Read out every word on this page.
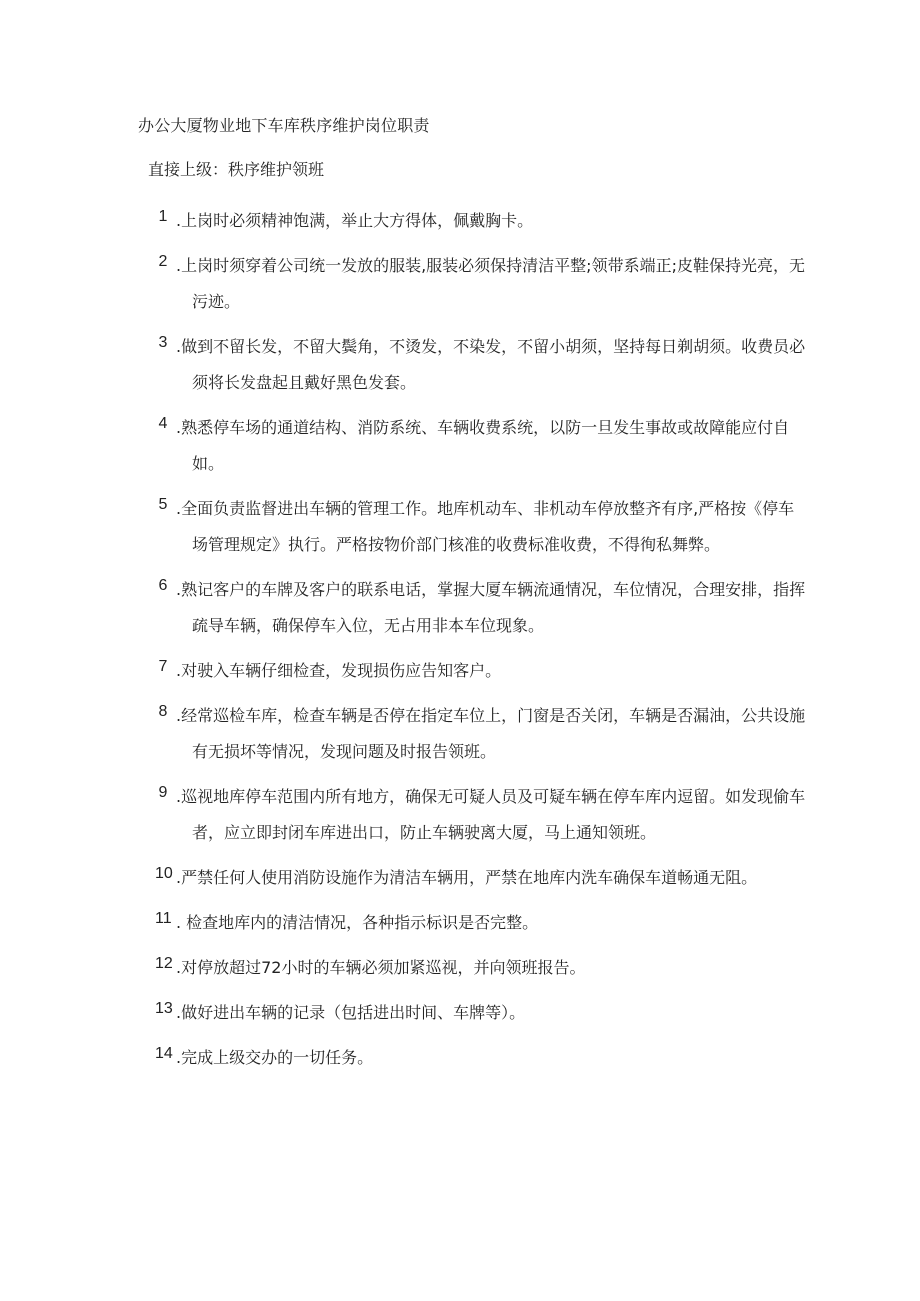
办公大厦物业地下车库秩序维护岗位职责
直接上级：秩序维护领班
1 .上岗时必须精神饱满，举止大方得体，佩戴胸卡。
2 .上岗时须穿着公司统一发放的服装,服装必须保持清洁平整;领带系端正;皮鞋保持光亮，无污迹。
3 .做到不留长发，不留大鬓角，不烫发，不染发，不留小胡须，坚持每日剃胡须。收费员必须将长发盘起且戴好黑色发套。
4 .熟悉停车场的通道结构、消防系统、车辆收费系统，以防一旦发生事故或故障能应付自如。
5 .全面负责监督进出车辆的管理工作。地库机动车、非机动车停放整齐有序,严格按《停车场管理规定》执行。严格按物价部门核准的收费标准收费，不得徇私舞弊。
6 .熟记客户的车牌及客户的联系电话，掌握大厦车辆流通情况，车位情况，合理安排，指挥疏导车辆，确保停车入位，无占用非本车位现象。
7 .对驶入车辆仔细检查，发现损伤应告知客户。
8 .经常巡检车库，检查车辆是否停在指定车位上，门窗是否关闭，车辆是否漏油，公共设施有无损坏等情况，发现问题及时报告领班。
9 .巡视地库停车范围内所有地方，确保无可疑人员及可疑车辆在停车库内逗留。如发现偷车者，应立即封闭车库进出口，防止车辆驶离大厦，马上通知领班。
10 .严禁任何人使用消防设施作为清洁车辆用，严禁在地库内洗车确保车道畅通无阻。
11 . 检查地库内的清洁情况，各种指示标识是否完整。
12 .对停放超过72小时的车辆必须加紧巡视，并向领班报告。
13 .做好进出车辆的记录（包括进出时间、车牌等）。
14 .完成上级交办的一切任务。
